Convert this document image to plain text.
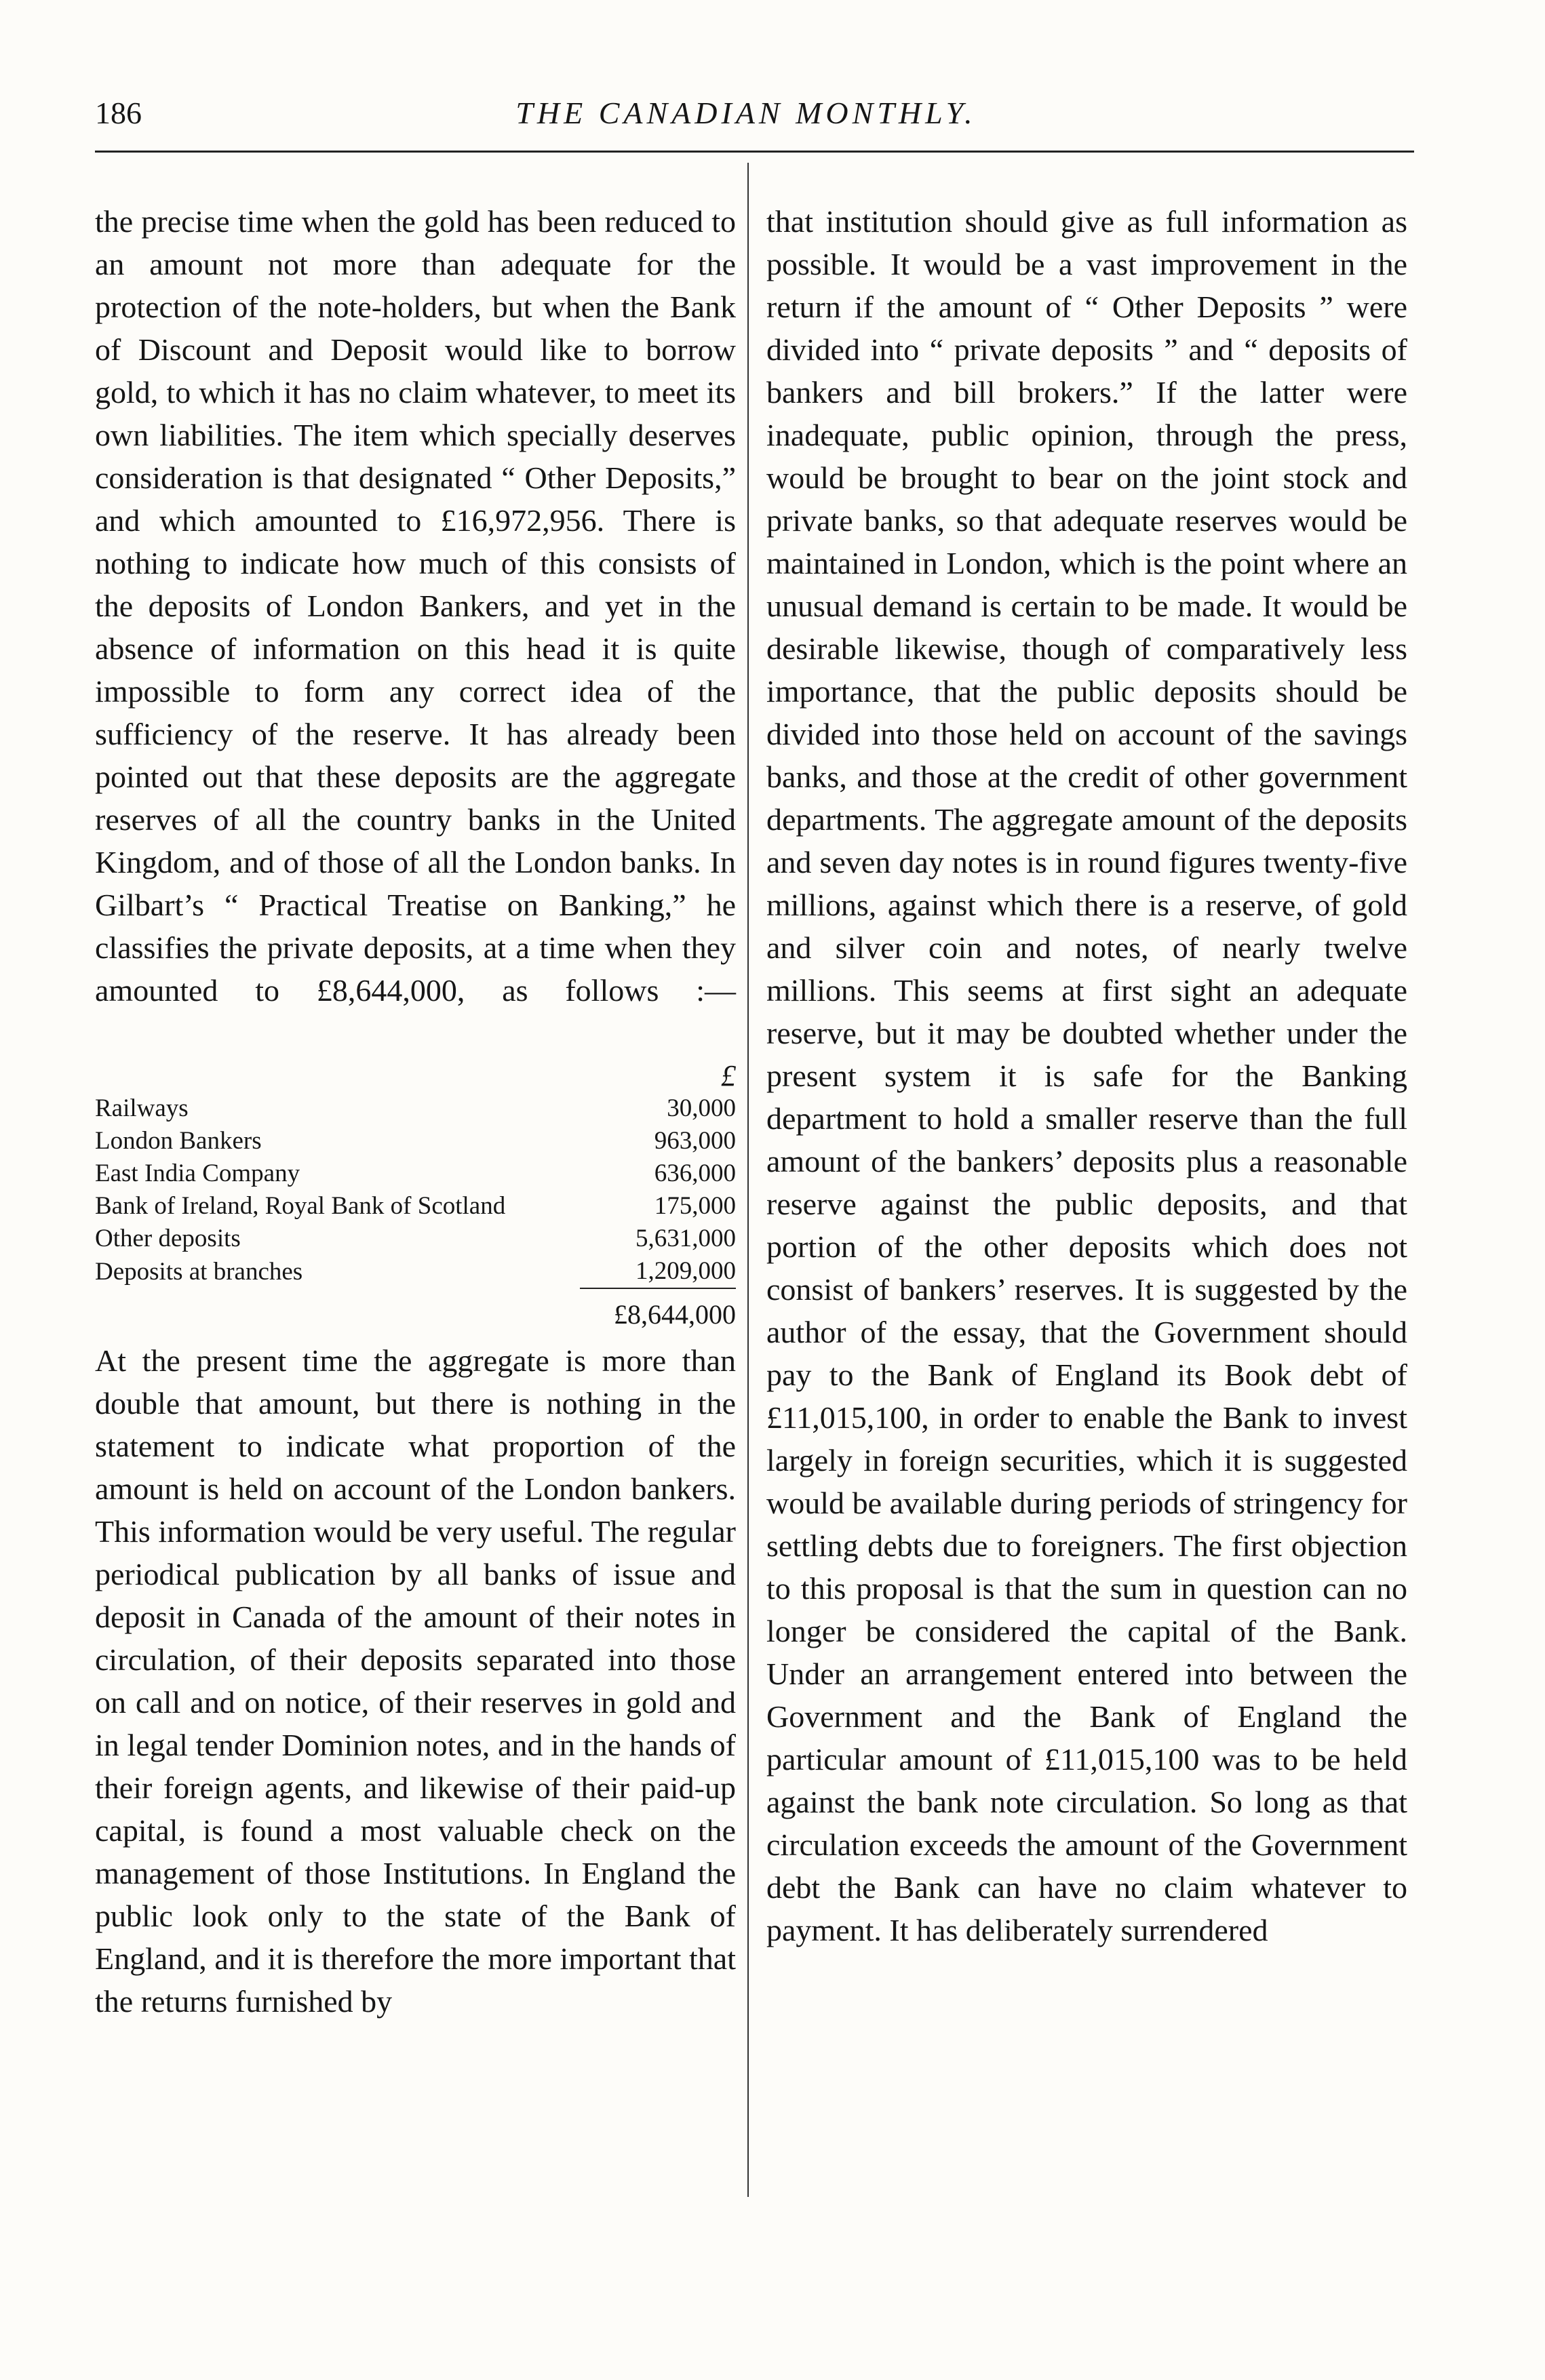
186	THE CANADIAN MONTHLY.

the precise time when the gold has been reduced to an amount not more than adequate for the protection of the note-holders, but when the Bank of Discount and Deposit would like to borrow gold, to which it has no claim whatever, to meet its own liabilities. The item which specially deserves consideration is that designated “ Other Deposits,” and which amounted to £16,972,956. There is nothing to indicate how much of this consists of the deposits of London Bankers, and yet in the absence of information on this head it is quite impossible to form any correct idea of the sufficiency of the reserve. It has already been pointed out that these deposits are the aggregate reserves of all the country banks in the United Kingdom, and of those of all the London banks. In Gilbart’s “ Practical Treatise on Banking,” he classifies the private deposits, at a time when they amounted to £8,644,000, as follows :—

	£
Railways	30,000
London Bankers	963,000
East India Company	636,000
Bank of Ireland, Royal Bank of Scotland	175,000
Other deposits	5,631,000
Deposits at branches	1,209,000
	£8,644,000

At the present time the aggregate is more than double that amount, but there is nothing in the statement to indicate what proportion of the amount is held on account of the London bankers. This information would be very useful. The regular periodical publication by all banks of issue and deposit in Canada of the amount of their notes in circulation, of their deposits separated into those on call and on notice, of their reserves in gold and in legal tender Dominion notes, and in the hands of their foreign agents, and likewise of their paid-up capital, is found a most valuable check on the management of those Institutions. In England the public look only to the state of the Bank of England, and it is therefore the more important that the returns furnished by

that institution should give as full information as possible. It would be a vast improvement in the return if the amount of “ Other Deposits ” were divided into “ private deposits ” and “ deposits of bankers and bill brokers.” If the latter were inadequate, public opinion, through the press, would be brought to bear on the joint stock and private banks, so that adequate reserves would be maintained in London, which is the point where an unusual demand is certain to be made. It would be desirable likewise, though of comparatively less importance, that the public deposits should be divided into those held on account of the savings banks, and those at the credit of other government departments. The aggregate amount of the deposits and seven day notes is in round figures twenty-five millions, against which there is a reserve, of gold and silver coin and notes, of nearly twelve millions. This seems at first sight an adequate reserve, but it may be doubted whether under the present system it is safe for the Banking department to hold a smaller reserve than the full amount of the bankers’ deposits plus a reasonable reserve against the public deposits, and that portion of the other deposits which does not consist of bankers’ reserves. It is suggested by the author of the essay, that the Government should pay to the Bank of England its Book debt of £11,015,100, in order to enable the Bank to invest largely in foreign securities, which it is suggested would be available during periods of stringency for settling debts due to foreigners. The first objection to this proposal is that the sum in question can no longer be considered the capital of the Bank. Under an arrangement entered into between the Government and the Bank of England the particular amount of £11,015,100 was to be held against the bank note circulation. So long as that circulation exceeds the amount of the Government debt the Bank can have no claim whatever to payment. It has deliberately surrendered
